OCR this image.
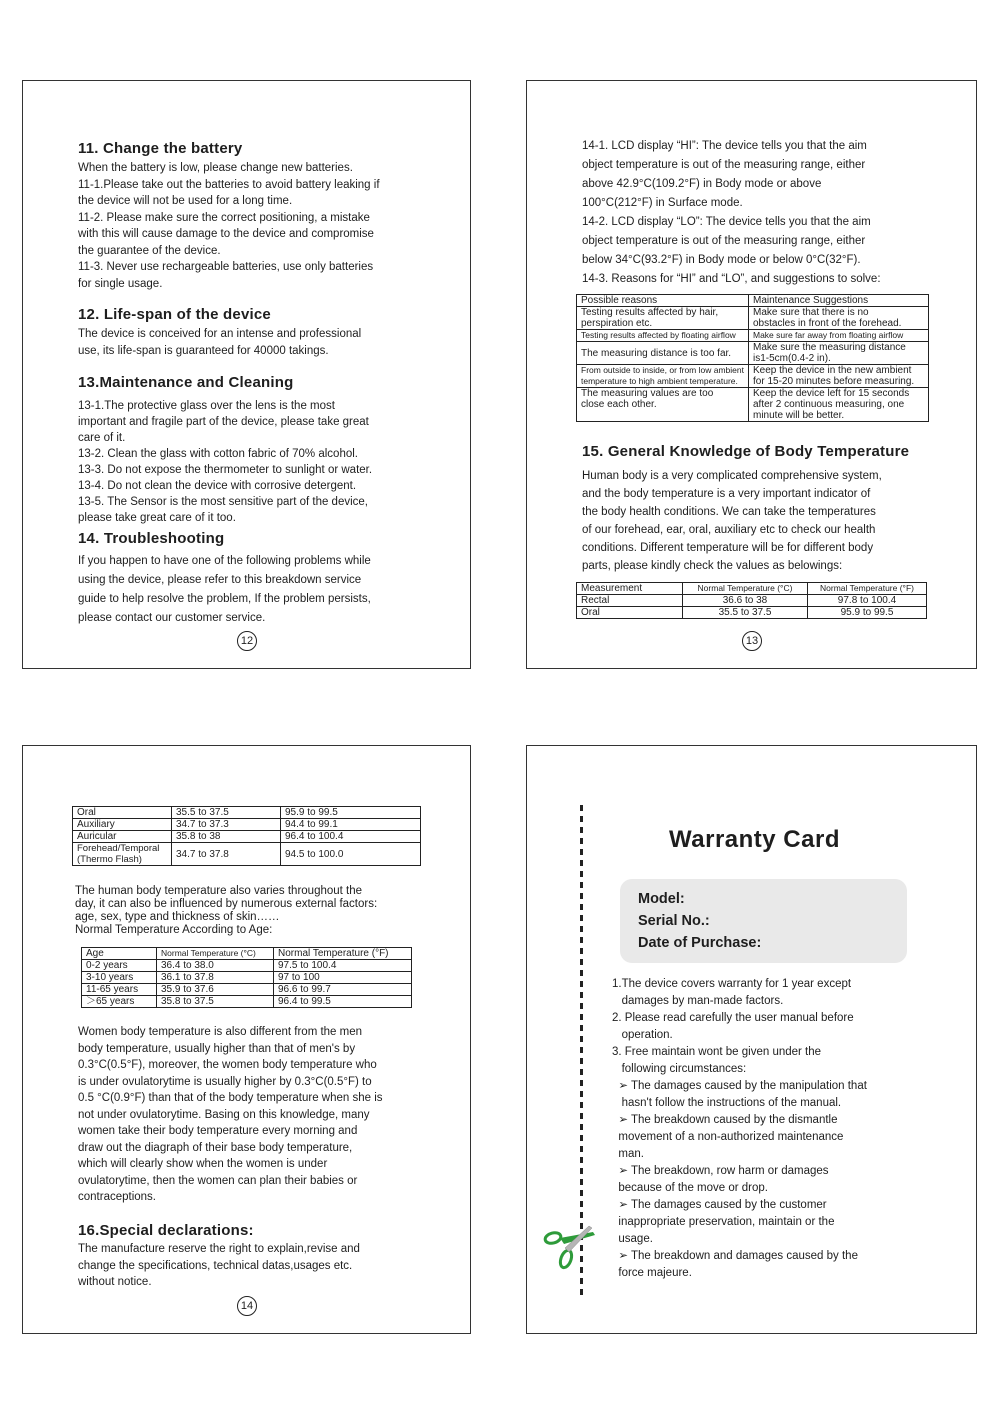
11. Change the battery

When the battery is low, please change new batteries.

11-1.Please take out the batteries to avoid battery leaking if

the device will not be used for a long time.

11-2. Please make sure the correct positioning, a mistake

with this will cause damage to the device and compromise

the guarantee of the device.

11-3. Never use rechargeable batteries, use only batteries

for single usage.

12. Life-span of the device

The device is conceived for an intense and professional

use, its life-span is guaranteed for 40000 takings.

13.Maintenance and Cleaning

13-1.The protective glass over the lens is the most

important and fragile part of the device, please take great

care of it.

13-2. Clean the glass with cotton fabric of 70% alcohol.

13-3. Do not expose the thermometer to sunlight or water.

13-4. Do not clean the device with corrosive detergent.

13-5. The Sensor is the most sensitive part of the device,

please take great care of it too.

14. Troubleshooting

If you happen to have one of the following problems while

using the device, please refer to this breakdown service

guide to help resolve the problem, If the problem persists,

please contact our customer service.

12

14-1. LCD display “HI”: The device tells you that the aim

object temperature is out of the measuring range, either

above 42.9°C(109.2°F) in Body mode or above

100°C(212°F) in Surface mode.

14-2. LCD display “LO”: The device tells you that the aim

object temperature is out of the measuring range, either

below 34°C(93.2°F) in Body mode or below 0°C(32°F).

14-3. Reasons for “HI” and “LO”, and suggestions to solve:

Possible reasons	Maintenance Suggestions
Testing results affected by hair,
perspiration etc.	Make sure that there is no
obstacles in front of the forehead.
Testing results affected by floating airflow	Make sure far away from floating airflow
The measuring distance is too far.	Make sure the measuring distance
is1-5cm(0.4-2 in).
From outside to inside, or from low ambient
temperature to high ambient temperature.	Keep the device in the new ambient
for 15-20 minutes before measuring.
The measuring values are too
close each other.	Keep the device left for 15 seconds
after 2 continuous measuring, one
minute will be better.
15. General Knowledge of Body Temperature

Human body is a very complicated comprehensive system,

and the body temperature is a very important indicator of

the body health conditions. We can take the temperatures

of our forehead, ear, oral, auxiliary etc to check our health

conditions. Different temperature will be for different body

parts, please kindly check the values as belowings:

Measurement	Normal Temperature (°C)	Normal Temperature (°F)
Rectal	36.6 to 38	97.8 to 100.4
Oral	35.5 to 37.5	95.9 to 99.5
13
Oral	35.5 to 37.5	95.9 to 99.5
Auxiliary	34.7 to 37.3	94.4 to 99.1
Auricular	35.8 to 38	96.4 to 100.4
Forehead/Temporal
(Thermo Flash)	34.7 to 37.8	94.5 to 100.0

The human body temperature also varies throughout the

day, it can also be influenced by numerous external factors:

age, sex, type and thickness of skin……

Normal Temperature According to Age:

Age	Normal Temperature (°C)	Normal Temperature (°F)
0-2 years	36.4 to 38.0	97.5 to 100.4
3-10 years	36.1 to 37.8	97 to 100
11-65 years	35.9 to 37.6	96.6 to 99.7
＞65 years	35.8 to 37.5	96.4 to 99.5

Women body temperature is also different from the men

body temperature, usually higher than that of men's by

0.3°C(0.5°F), moreover, the women body temperature who

is under ovulatorytime is usually higher by 0.3°C(0.5°F) to

0.5 °C(0.9°F) than that of the body temperature when she is

not under ovulatorytime. Basing on this knowledge, many

women take their body temperature every morning and

draw out the diagraph of their base body temperature,

which will clearly show when the women is under

ovulatorytime, then the women can plan their babies or

contraceptions.

16.Special declarations:

The manufacture reserve the right to explain,revise and

change the specifications, technical datas,usages etc.

without notice.

14
Warranty Card
Model:
Serial No.:
Date of Purchase:

1.The device covers warranty for 1 year except

damages by man-made factors.

2. Please read carefully the user manual before

operation.

3. Free maintain wont be given under the

following circumstances:

➢ The damages caused by the manipulation that

hasn't follow the instructions of the manual.

➢ The breakdown caused by the dismantle

movement of a non-authorized maintenance

man.

➢ The breakdown, row harm or damages

because of the move or drop.

➢ The damages caused by the customer

inappropriate preservation, maintain or the

usage.

➢ The breakdown and damages caused by the

force majeure.
